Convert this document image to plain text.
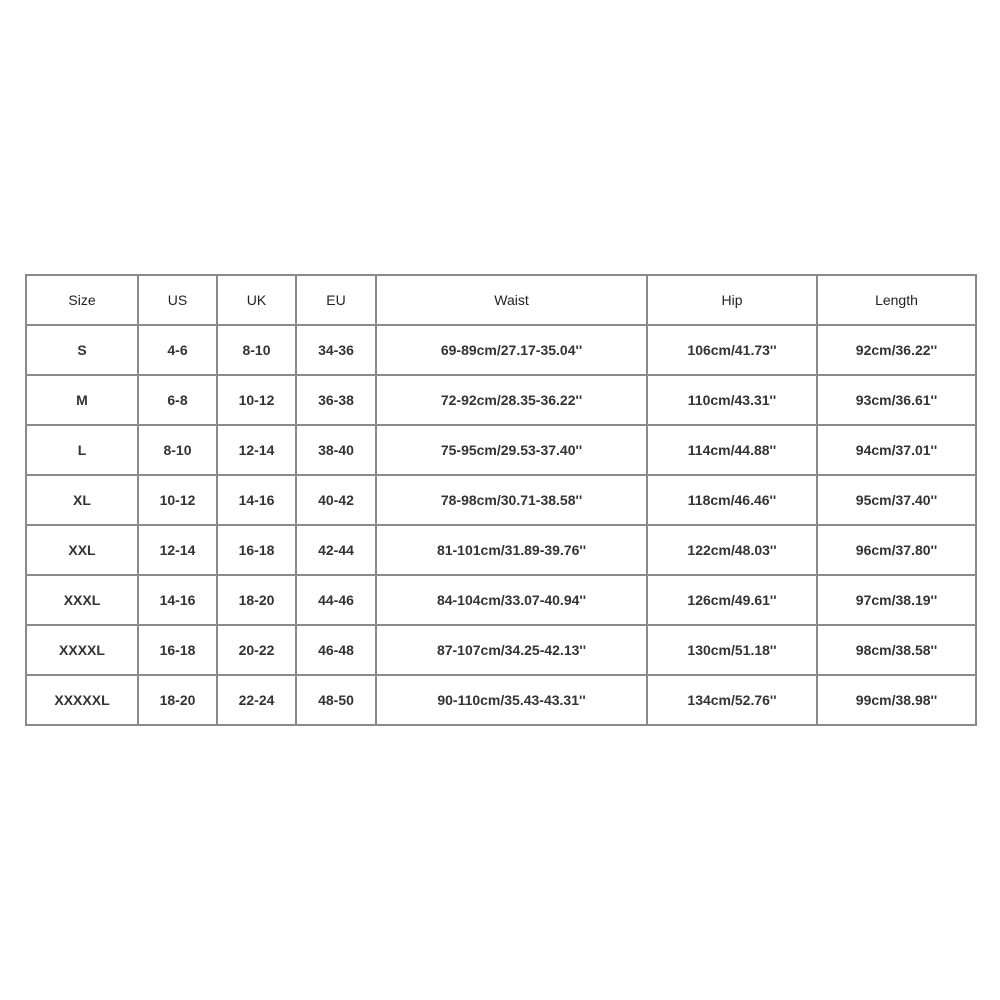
Size	US	UK	EU	Waist	Hip	Length
S	4-6	8-10	34-36	69-89cm/27.17-35.04''	106cm/41.73''	92cm/36.22''
M	6-8	10-12	36-38	72-92cm/28.35-36.22''	110cm/43.31''	93cm/36.61''
L	8-10	12-14	38-40	75-95cm/29.53-37.40''	114cm/44.88''	94cm/37.01''
XL	10-12	14-16	40-42	78-98cm/30.71-38.58''	118cm/46.46''	95cm/37.40''
XXL	12-14	16-18	42-44	81-101cm/31.89-39.76''	122cm/48.03''	96cm/37.80''
XXXL	14-16	18-20	44-46	84-104cm/33.07-40.94''	126cm/49.61''	97cm/38.19''
XXXXL	16-18	20-22	46-48	87-107cm/34.25-42.13''	130cm/51.18''	98cm/38.58''
XXXXXL	18-20	22-24	48-50	90-110cm/35.43-43.31''	134cm/52.76''	99cm/38.98''
